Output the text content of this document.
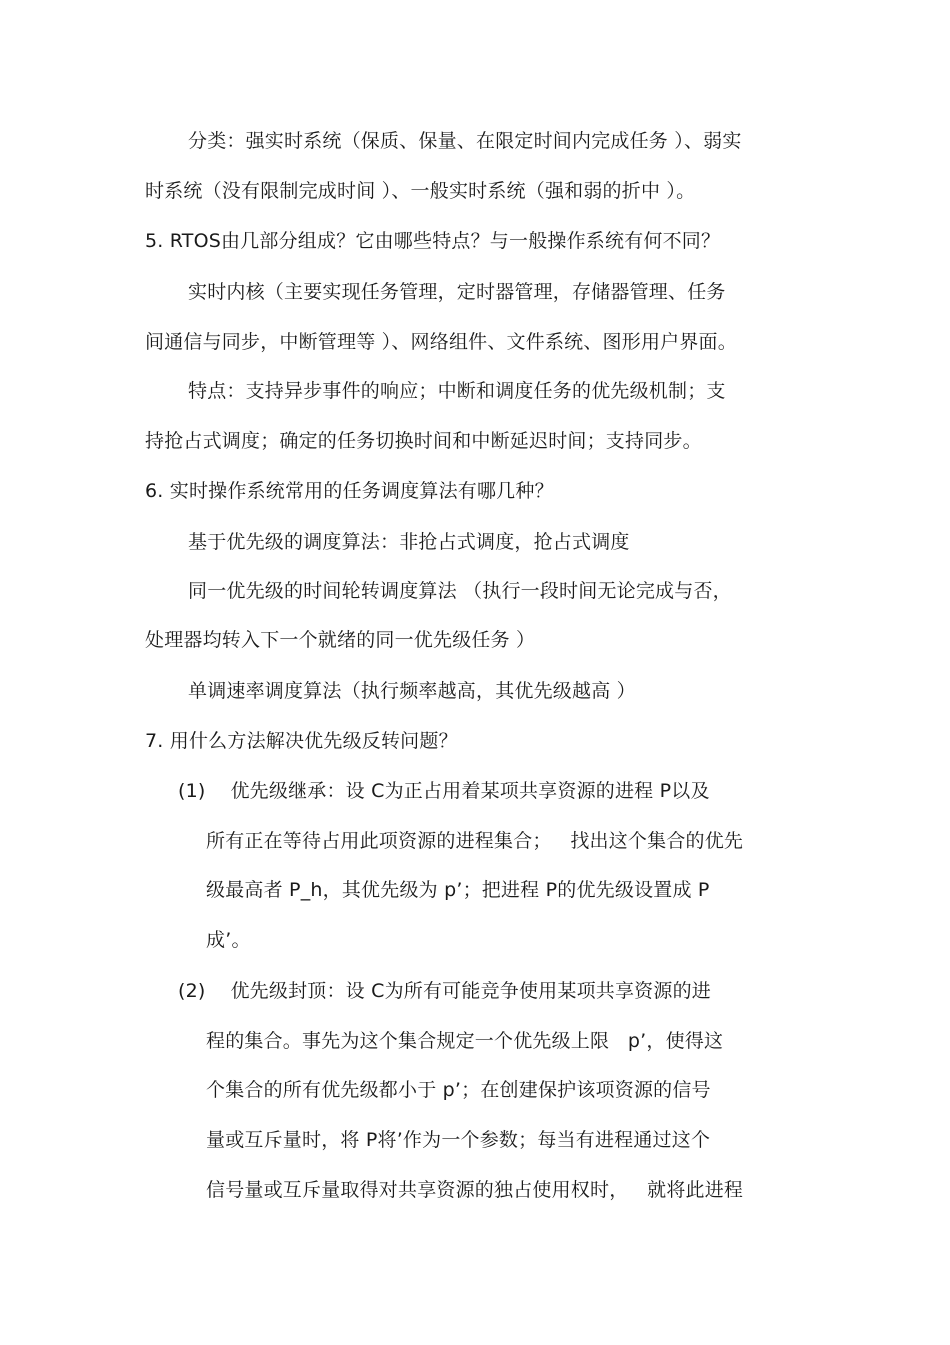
分类：强实时系统（保质、保量、在限定时间内完成任务 ）、弱实
时系统（没有限制完成时间 ）、一般实时系统（强和弱的折中 ）。
5. RTOS由几部分组成？它由哪些特点？与一般操作系统有何不同？
实时内核（主要实现任务管理，定时器管理，存储器管理、任务
间通信与同步，中断管理等 ）、网络组件、文件系统、图形用户界面。
特点：支持异步事件的响应；中断和调度任务的优先级机制；支
持抢占式调度；确定的任务切换时间和中断延迟时间；支持同步。
6. 实时操作系统常用的任务调度算法有哪几种？
基于优先级的调度算法：非抢占式调度，抢占式调度
同一优先级的时间轮转调度算法 （执行一段时间无论完成与否，
处理器均转入下一个就绪的同一优先级任务 ）
单调速率调度算法（执行频率越高，其优先级越高 ）
7. 用什么方法解决优先级反转问题？
(1)    优先级继承：设 C为正占用着某项共享资源的进程 P以及
所有正在等待占用此项资源的进程集合；   找出这个集合的优先
级最高者 P_h，其优先级为 p’；把进程 P的优先级设置成 P
成’。
(2)    优先级封顶：设 C为所有可能竞争使用某项共享资源的进
程的集合。事先为这个集合规定一个优先级上限   p’，使得这
个集合的所有优先级都小于 p’；在创建保护该项资源的信号
量或互斥量时，将 P将’作为一个参数；每当有进程通过这个
信号量或互斥量取得对共享资源的独占使用权时，   就将此进程
